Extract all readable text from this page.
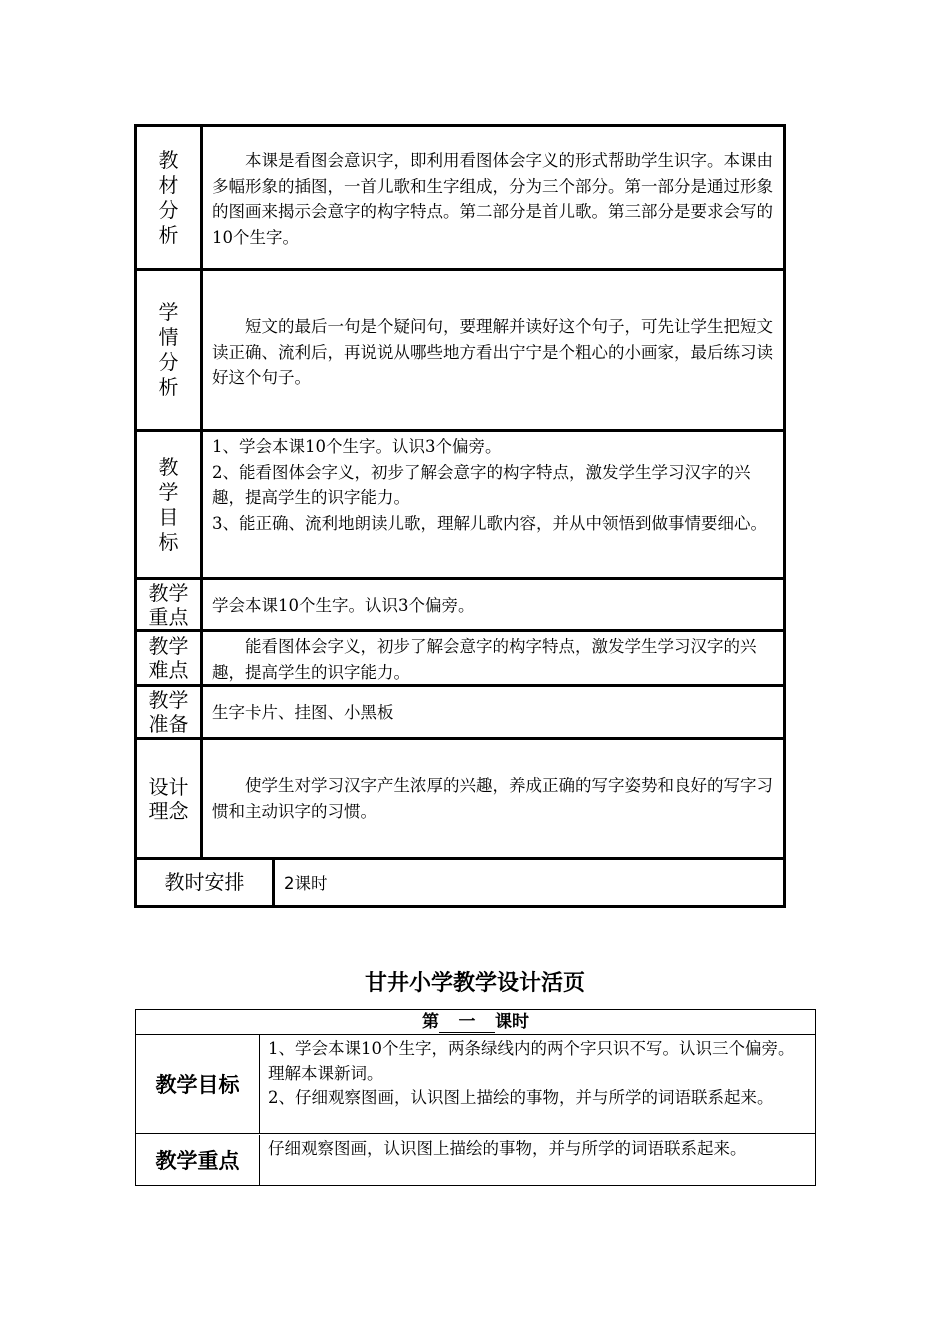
教材分析

本课是看图会意识字，即利用看图体会字义的形式帮助学生识字。本课由多幅形象的插图，一首儿歌和生字组成，分为三个部分。第一部分是通过形象的图画来揭示会意字的构字特点。第二部分是首儿歌。第三部分是要求会写的10个生字。

学情分析

短文的最后一句是个疑问句，要理解并读好这个句子，可先让学生把短文读正确、流利后，再说说从哪些地方看出宁宁是个粗心的小画家，最后练习读好这个句子。

教学目标

1、学会本课10个生字。认识3个偏旁。

2、能看图体会字义，初步了解会意字的构字特点，激发学生学习汉字的兴趣，提高学生的识字能力。

3、能正确、流利地朗读儿歌，理解儿歌内容，并从中领悟到做事情要细心。

教学重点 学会本课10个生字。认识3个偏旁。

教学难点

能看图体会字义，初步了解会意字的构字特点，激发学生学习汉字的兴趣，提高学生的识字能力。

教学准备 生字卡片、挂图、小黑板

设计理念

使学生对学习汉字产生浓厚的兴趣，养成正确的写字姿势和良好的写字习惯和主动识字的习惯。

教时安排 2课时

甘井小学教学设计活页
第 一 课时
教学目标

1、学会本课10个生字，两条绿线内的两个字只识不写。认识三个偏旁。理解本课新词。

2、仔细观察图画，认识图上描绘的事物，并与所学的词语联系起来。

教学重点

仔细观察图画，认识图上描绘的事物，并与所学的词语联系起来。
